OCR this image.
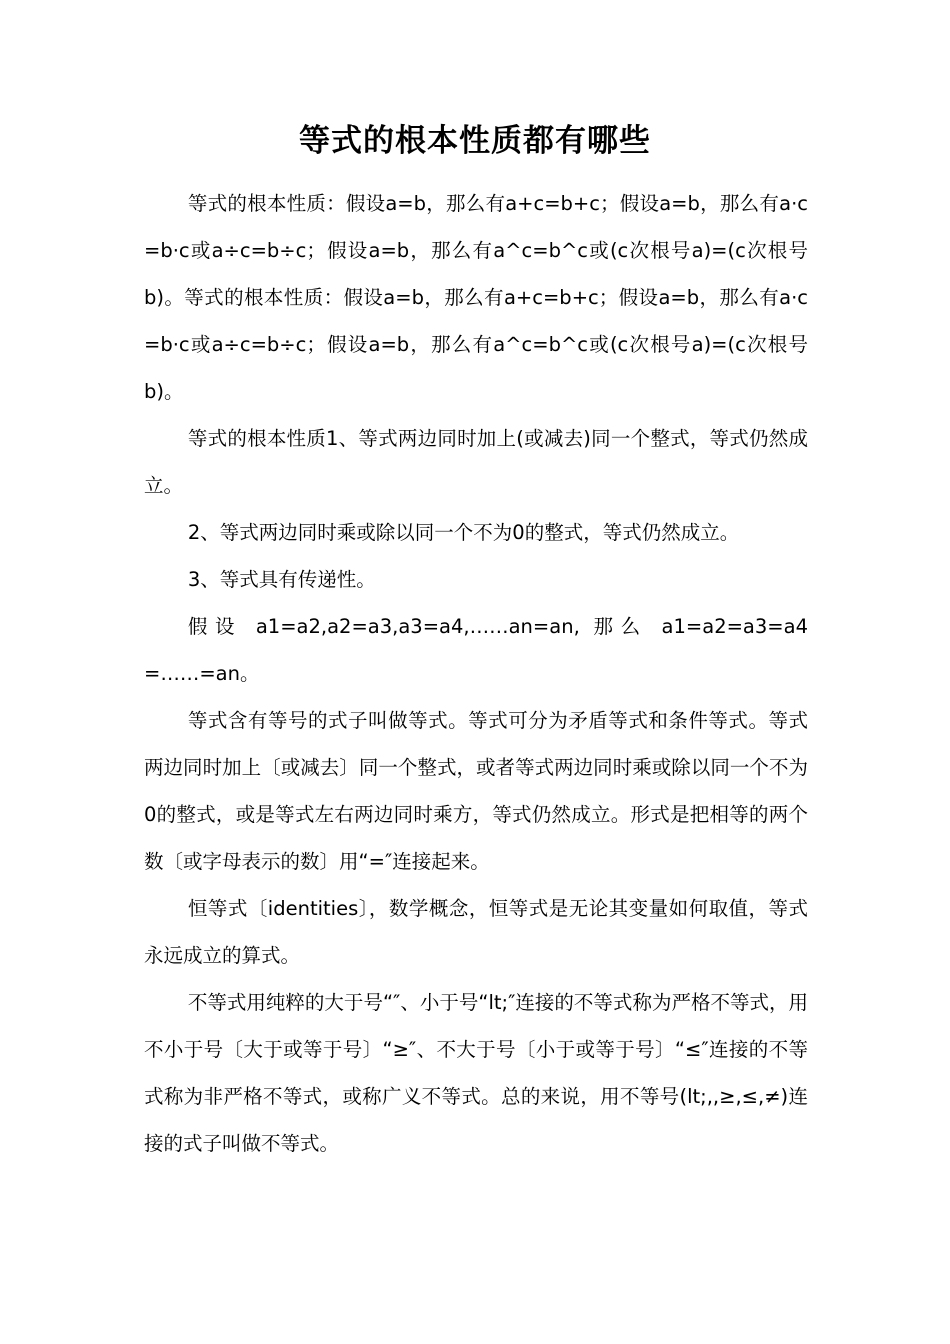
等式的根本性质都有哪些

等式的根本性质：假设a=b，那么有a+c=b+c；假设a=b，那么有a·c=b·c或a÷c=b÷c；假设a=b，那么有a^c=b^c或(c次根号a)=(c次根号b)。等式的根本性质：假设a=b，那么有a+c=b+c；假设a=b，那么有a·c=b·c或a÷c=b÷c；假设a=b，那么有a^c=b^c或(c次根号a)=(c次根号b)。

等式的根本性质1、等式两边同时加上(或减去)同一个整式，等式仍然成立。

2、等式两边同时乘或除以同一个不为0的整式，等式仍然成立。

3、等式具有传递性。

假设 a1=a2,a2=a3,a3=a4,……an=an, 那么 a1=a2=a3=a4=……=an。

等式含有等号的式子叫做等式。等式可分为矛盾等式和条件等式。等式两边同时加上〔或减去〕同一个整式，或者等式两边同时乘或除以同一个不为0的整式，或是等式左右两边同时乘方，等式仍然成立。形式是把相等的两个数〔或字母表示的数〕用“=″连接起来。

恒等式〔identities〕，数学概念，恒等式是无论其变量如何取值，等式永远成立的算式。

不等式用纯粹的大于号“″、小于号“lt;″连接的不等式称为严格不等式，用不小于号〔大于或等于号〕“≥″、不大于号〔小于或等于号〕“≤″连接的不等式称为非严格不等式，或称广义不等式。总的来说，用不等号(lt;,,≥,≤,≠)连接的式子叫做不等式。
